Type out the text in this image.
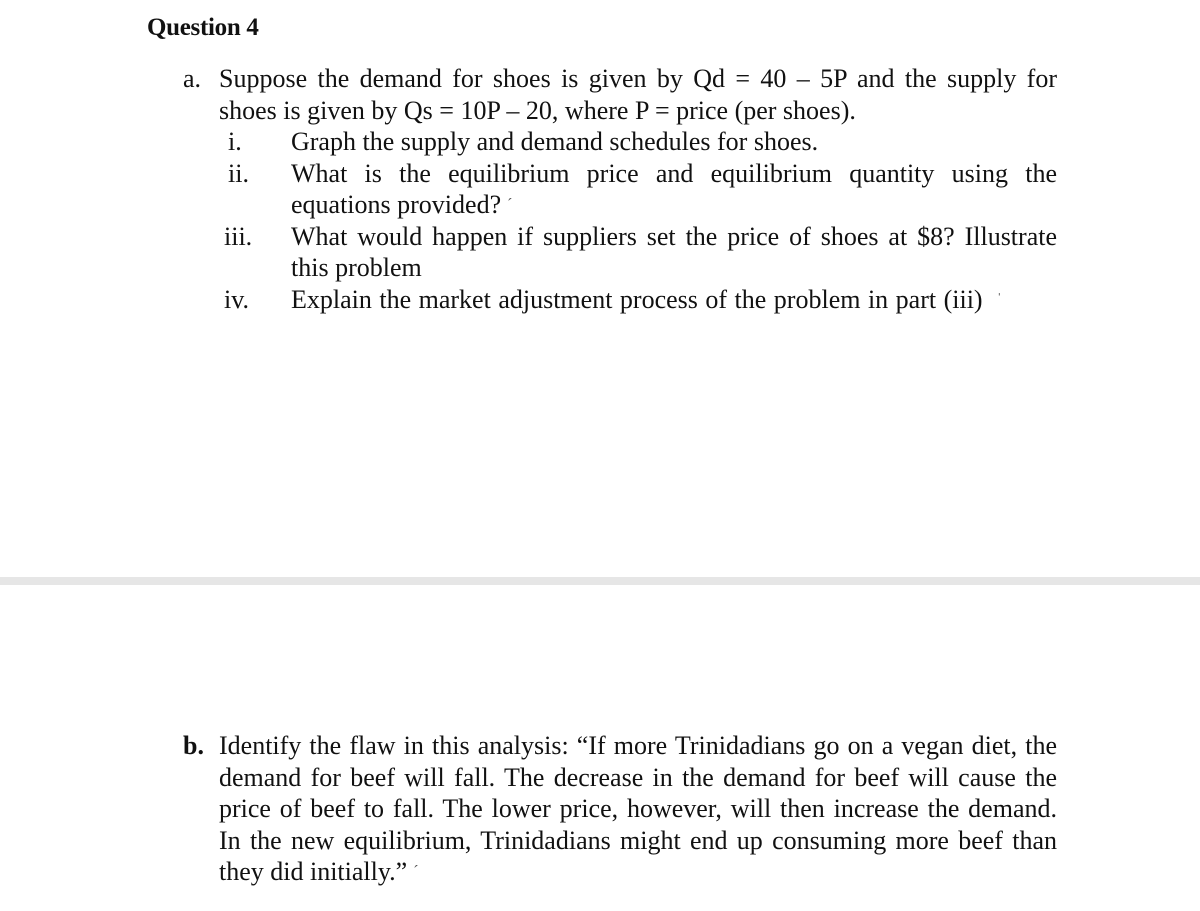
Question 4
a. Suppose the demand for shoes is given by Qd = 40 – 5P and the supply for
shoes is given by Qs = 10P – 20, where P = price (per shoes).
i.	Graph the supply and demand schedules for shoes.
ii.	What is the equilibrium price and equilibrium quantity using the
equations provided? $^ˊ$
iii.	What would happen if suppliers set the price of shoes at $8? Illustrate
this problem
iv.	Explain the market adjustment process of the problem in part (iii) $^ˈ$
b. Identify the flaw in this analysis: “If more Trinidadians go on a vegan diet, the
demand for beef will fall. The decrease in the demand for beef will cause the
price of beef to fall. The lower price, however, will then increase the demand.
In the new equilibrium, Trinidadians might end up consuming more beef than
they did initially.” $^ˊ$
